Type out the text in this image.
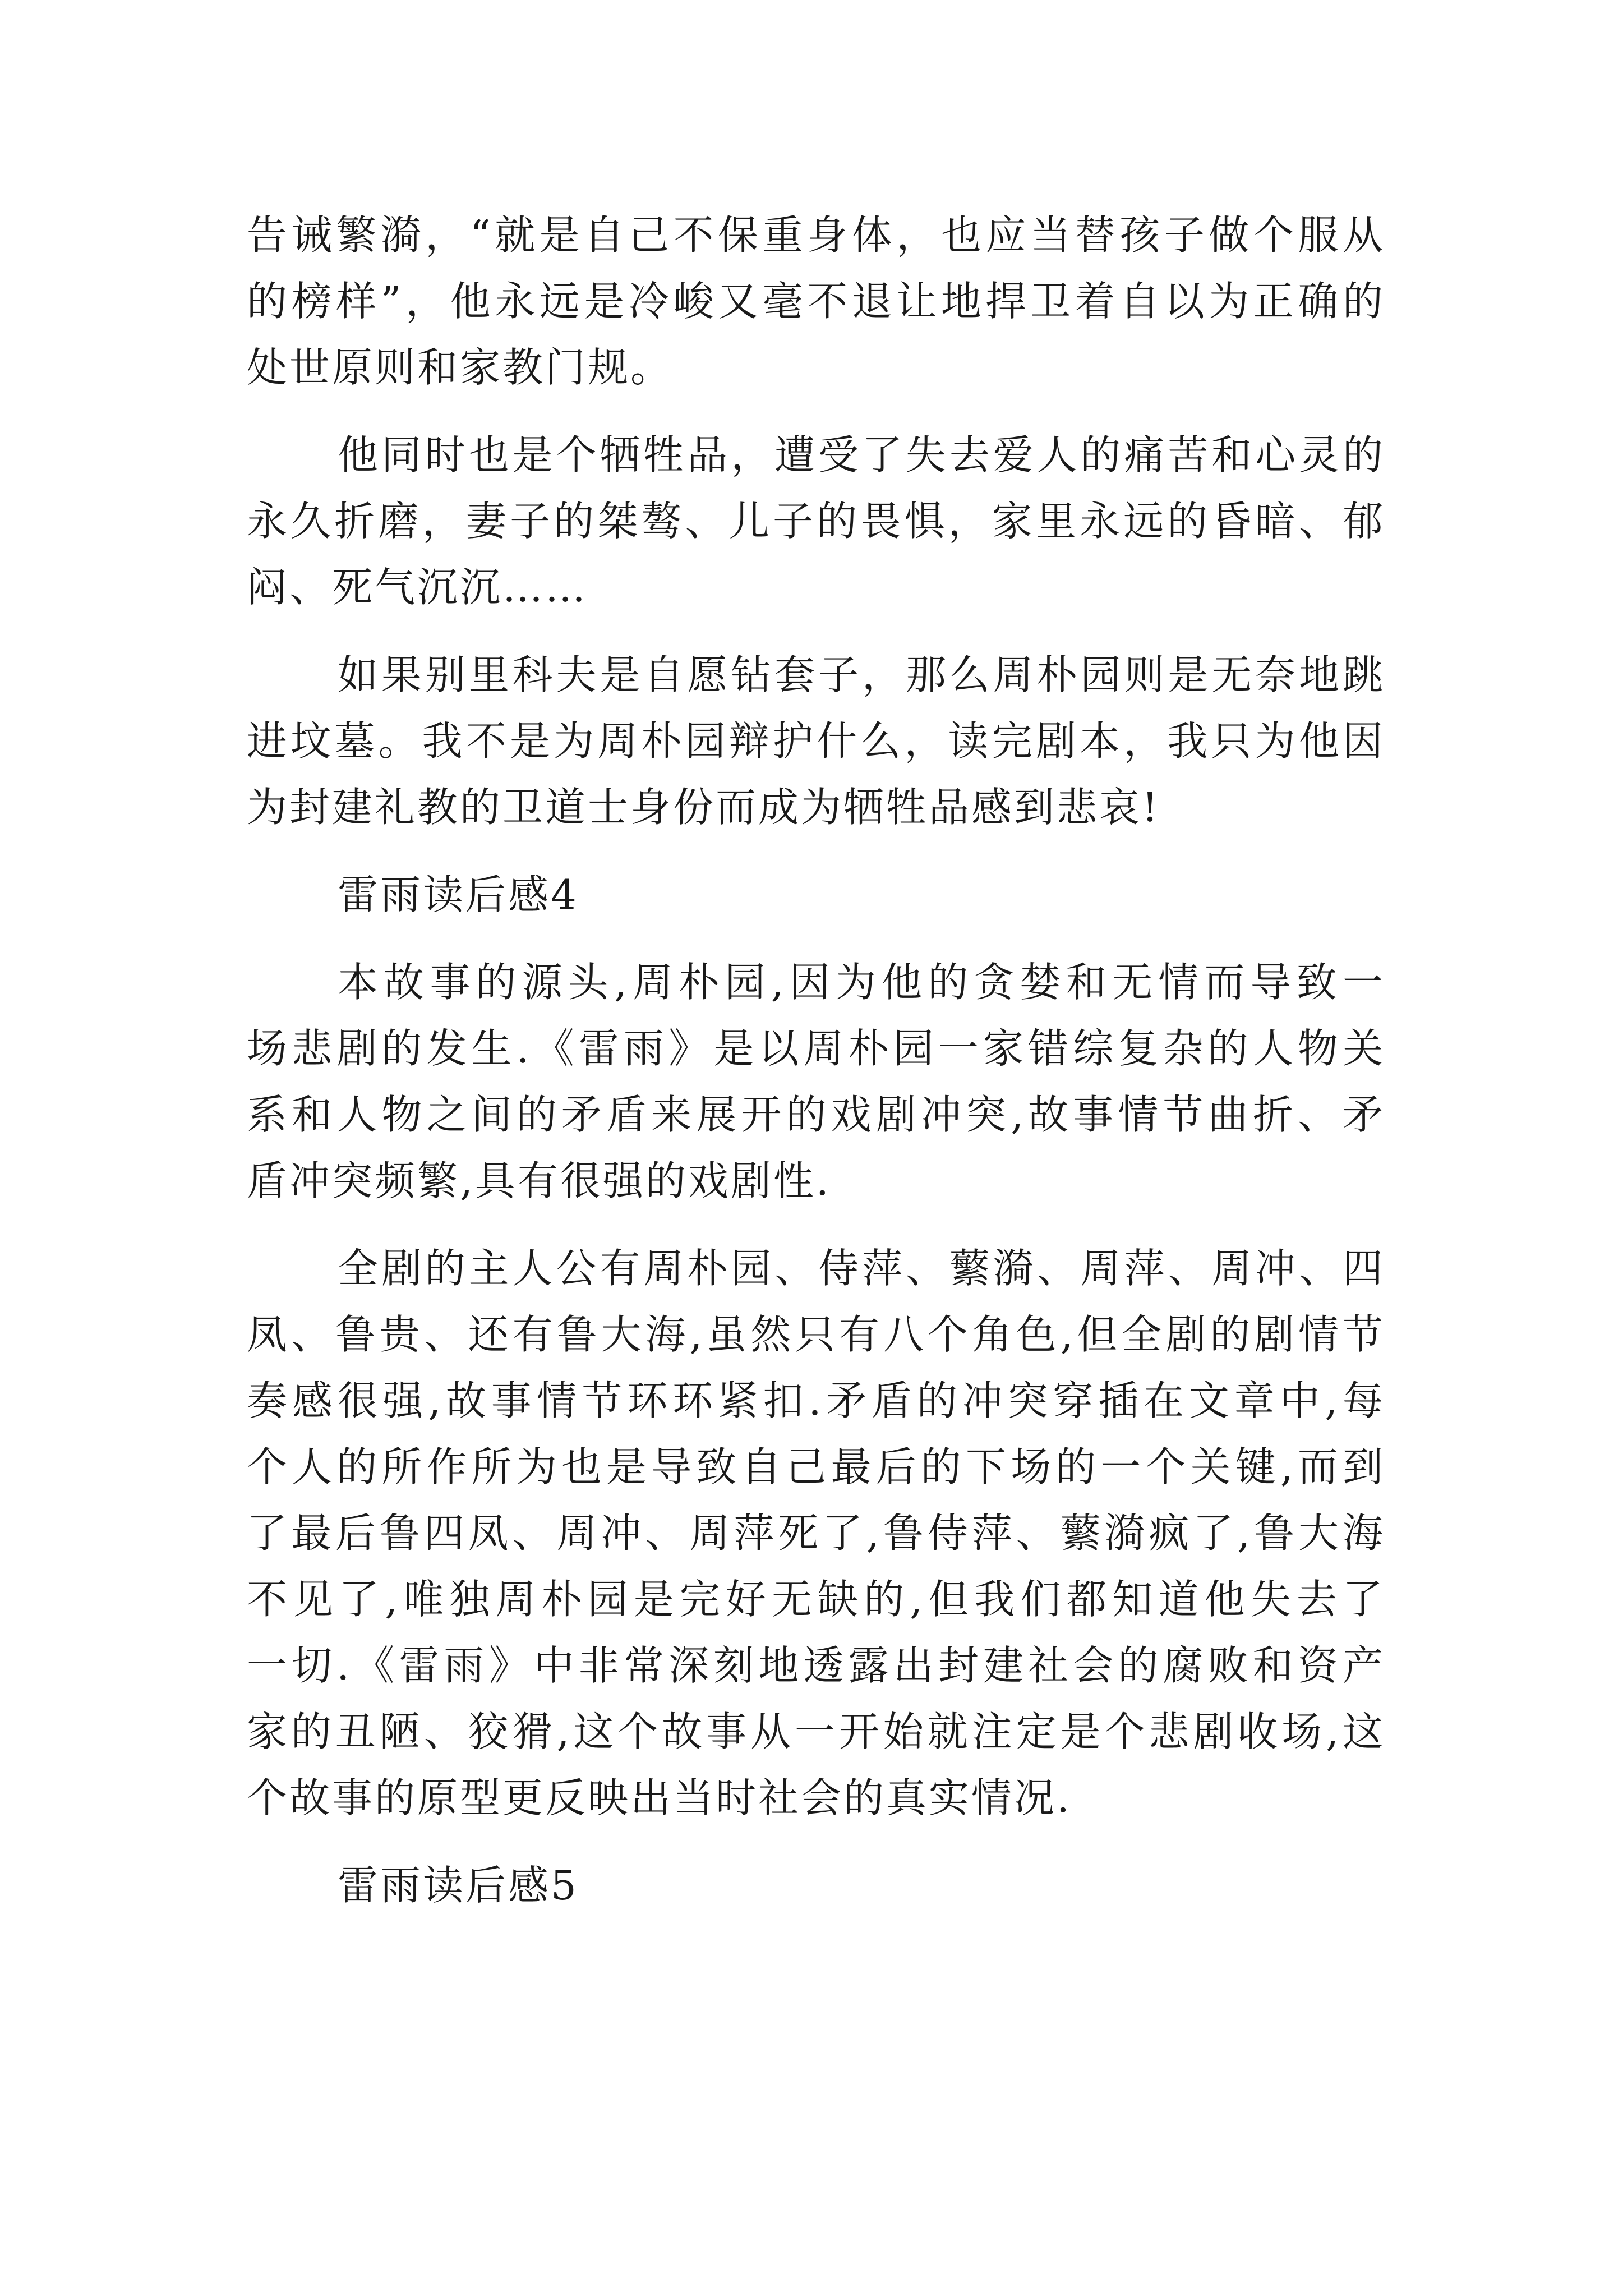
告诫繁漪，“就是自己不保重身体，也应当替孩子做个服从
的榜样”，他永远是冷峻又毫不退让地捍卫着自以为正确的
处世原则和家教门规。
他同时也是个牺牲品，遭受了失去爱人的痛苦和心灵的
永久折磨，妻子的桀骜、儿子的畏惧，家里永远的昏暗、郁
闷、死气沉沉……
如果别里科夫是自愿钻套子，那么周朴园则是无奈地跳
进坟墓。我不是为周朴园辩护什么，读完剧本，我只为他因
为封建礼教的卫道士身份而成为牺牲品感到悲哀!
雷雨读后感4
本故事的源头,周朴园,因为他的贪婪和无情而导致一
场悲剧的发生.《雷雨》是以周朴园一家错综复杂的人物关
系和人物之间的矛盾来展开的戏剧冲突,故事情节曲折、矛
盾冲突频繁,具有很强的戏剧性.
全剧的主人公有周朴园、侍萍、蘩漪、周萍、周冲、四
凤、鲁贵、还有鲁大海,虽然只有八个角色,但全剧的剧情节
奏感很强,故事情节环环紧扣.矛盾的冲突穿插在文章中,每
个人的所作所为也是导致自己最后的下场的一个关键,而到
了最后鲁四凤、周冲、周萍死了,鲁侍萍、蘩漪疯了,鲁大海
不见了,唯独周朴园是完好无缺的,但我们都知道他失去了
一切.《雷雨》中非常深刻地透露出封建社会的腐败和资产
家的丑陋、狡猾,这个故事从一开始就注定是个悲剧收场,这
个故事的原型更反映出当时社会的真实情况.
雷雨读后感5
